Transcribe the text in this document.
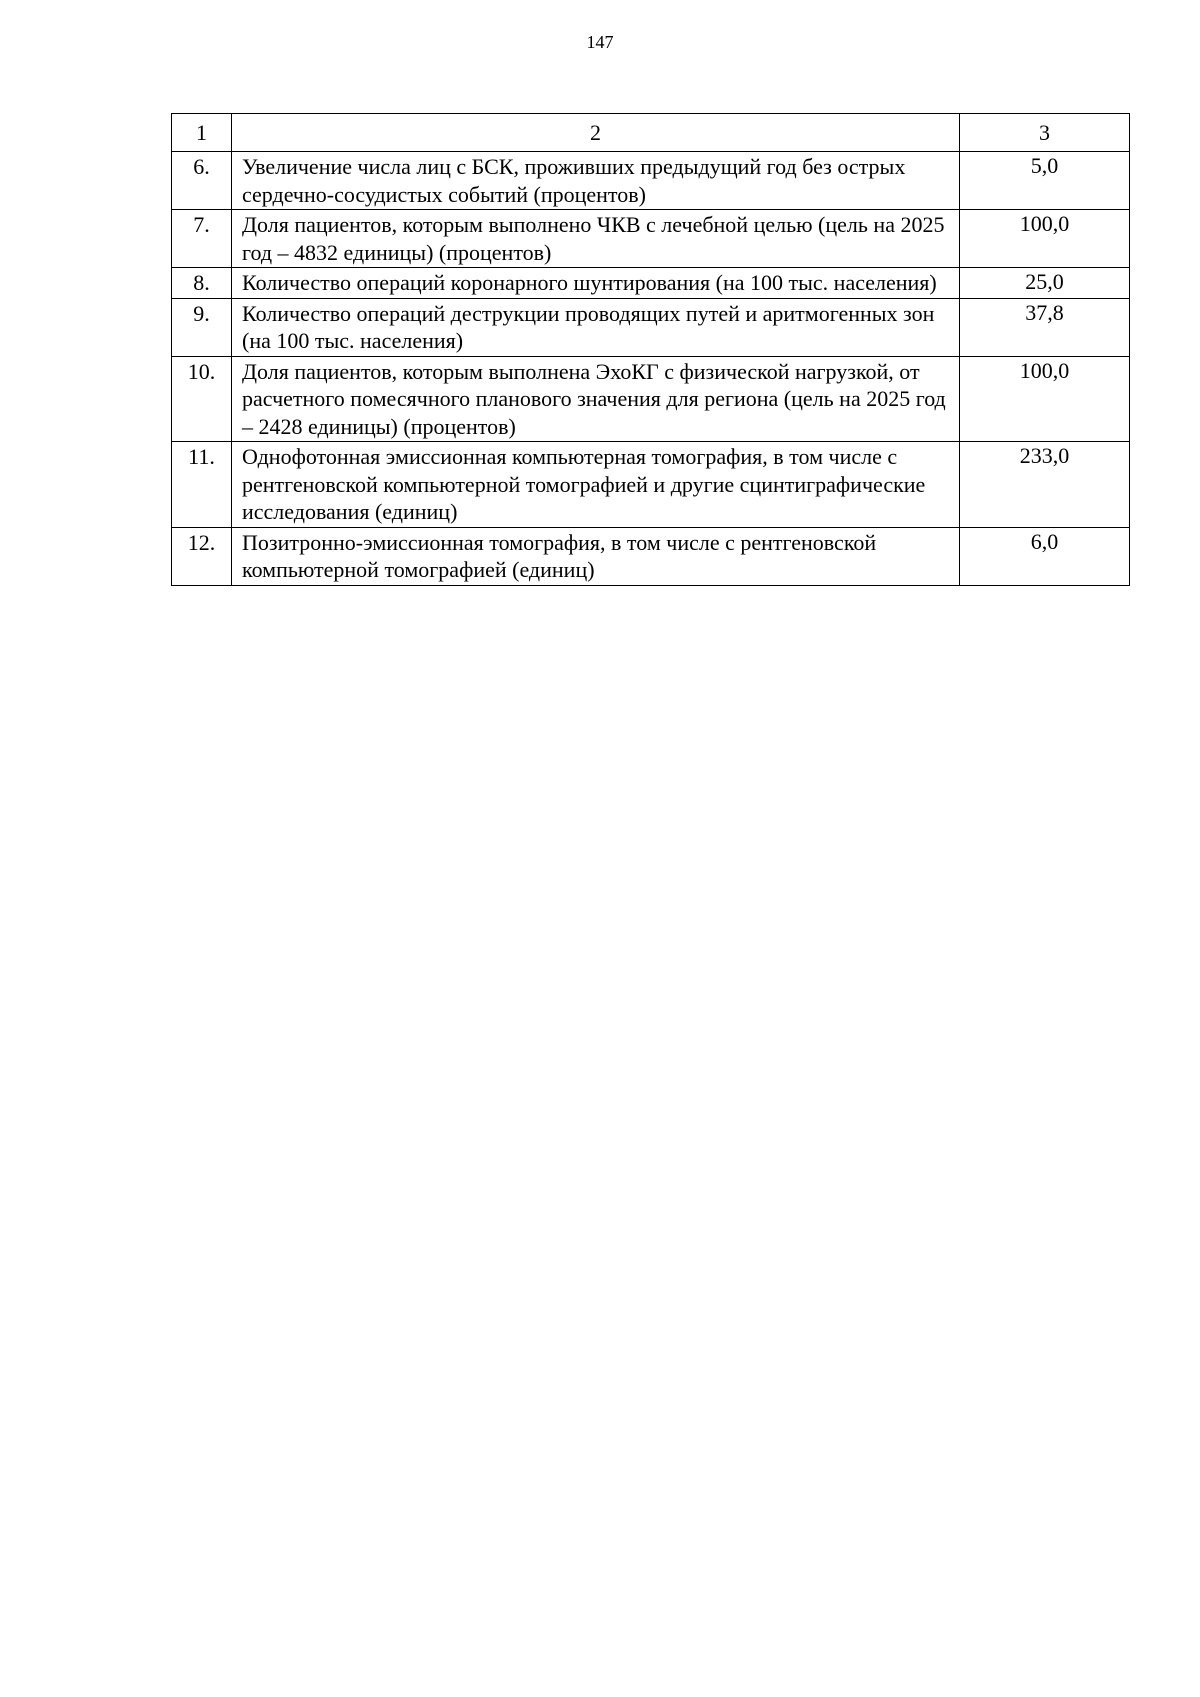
147
1	2	3
6.	Увеличение числа лиц с БСК, проживших предыдущий год без острых сердечно-сосудистых событий (процентов)	5,0
7.	Доля пациентов, которым выполнено ЧКВ с лечебной целью (цель на 2025 год – 4832 единицы) (процентов)	100,0
8.	Количество операций коронарного шунтирования (на 100 тыс. населения)	25,0
9.	Количество операций деструкции проводящих путей и аритмогенных зон (на 100 тыс. населения)	37,8
10.	Доля пациентов, которым выполнена ЭхоКГ с физической нагрузкой, от расчетного помесячного планового значения для региона (цель на 2025 год – 2428 единицы) (процентов)	100,0
11.	Однофотонная эмиссионная компьютерная томография, в том числе с рентгеновской компьютерной томографией и другие сцинтиграфические исследования (единиц)	233,0
12.	Позитронно-эмиссионная томография, в том числе с рентгеновской компьютерной томографией (единиц)	6,0
